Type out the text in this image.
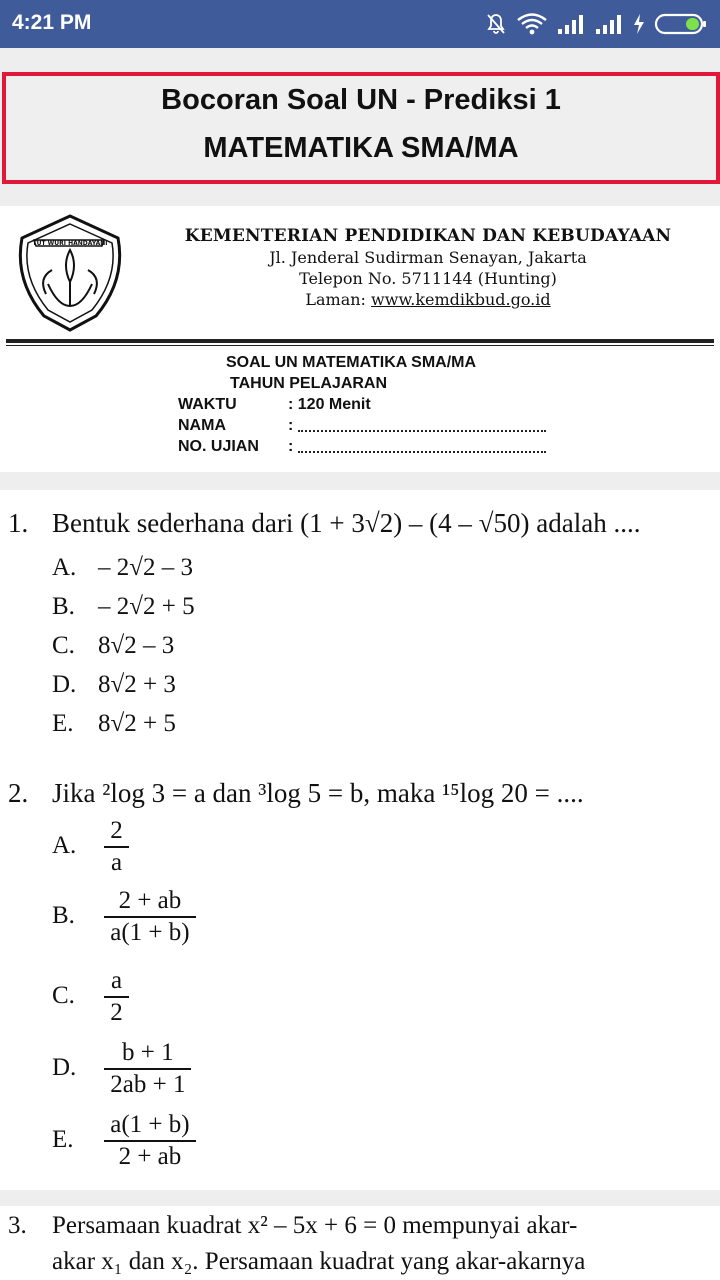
4:21 PM
Bocoran Soal UN - Prediksi 1
MATEMATIKA SMA/MA
TUT WURI HANDAYANI	KEMENTERIAN PENDIDIKAN DAN KEBUDAYAAN
Jl. Jenderal Sudirman Senayan, Jakarta
Telepon No. 5711144 (Hunting)
Laman: www.kemdikbud.go.id
SOAL UN MATEMATIKA SMA/MA
TAHUN PELAJARAN
WAKTU	: 120 Menit
NAMA	:
NO. UJIAN :
1. Bentuk sederhana dari (1 + 3√2) – (4 – √50) adalah ....
A. – 2√2 – 3
B. – 2√2 + 5
C. 8√2 – 3
D. 8√2 + 3
E. 8√2 + 5
2. Jika ²log 3 = a dan ³log 5 = b, maka ¹⁵log 20 = ....
A. $\frac{2}{a}$
B. $\frac{2 + ab}{a(1 + b)}$
C. $\frac{a}{2}$
D. $\frac{b + 1}{2ab + 1}$
E. $\frac{a(1 + b)}{2 + ab}$
3. Persamaan kuadrat x² – 5x + 6 = 0 mempunyai akar-
akar x₁ dan x₂. Persamaan kuadrat yang akar-akarnya
